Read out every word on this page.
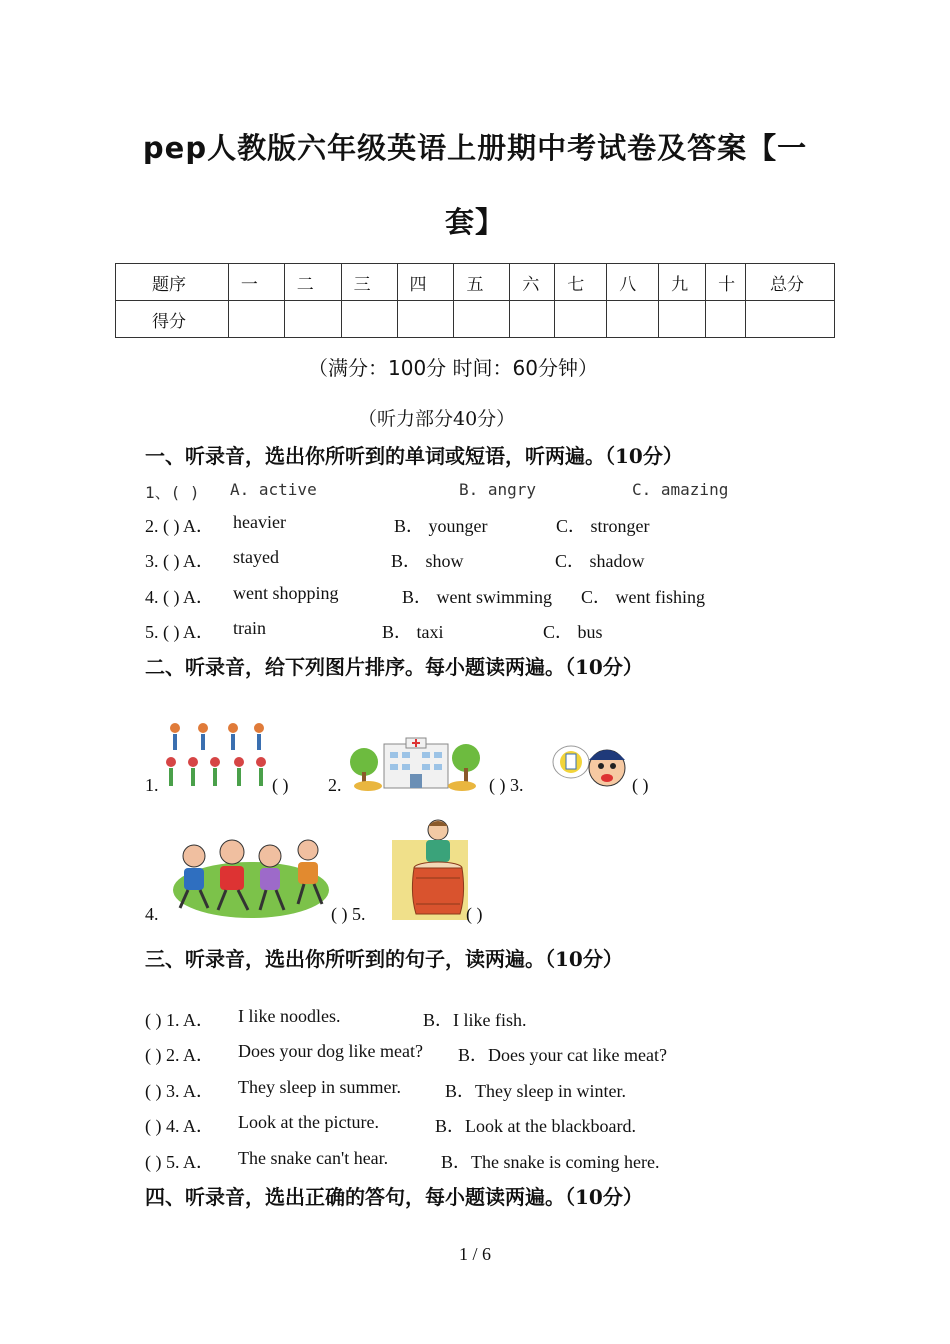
pep人教版六年级英语上册期中考试卷及答案【一
套】
题序	一	二	三	四	五	六	七	八	九	十	总分
得分											
（满分：100分 时间：60分钟）
（听力部分40分）
一、听录音，选出你所听到的单词或短语，听两遍。（10分）
1、( ) A. active	B. angry	C. amazing
2. ( ) A． heavier	B． younger	C． stronger
3. ( ) A． stayed	B． show	C． shadow
4. ( ) A． went shopping	B． went swimming C． went fishing
5. ( ) A． train	B． taxi	C． bus
二、听录音，给下列图片排序。每小题读两遍。（10分）
1.	( ) 2.	( ) 3.	( )
4.	( ) 5.	( )
三、听录音，选出你所听到的句子，读两遍。（10分）
( ) 1. A． I like noodles.	B．I like fish.
( ) 2. A． Does your dog like meat? B．Does your cat like meat?
( ) 3. A． They sleep in summer. B．They sleep in winter.
( ) 4. A． Look at the picture.	B．Look at the blackboard.
( ) 5. A． The snake can't hear.	B．The snake is coming here.
四、听录音，选出正确的答句，每小题读两遍。（10分）
1 / 6
